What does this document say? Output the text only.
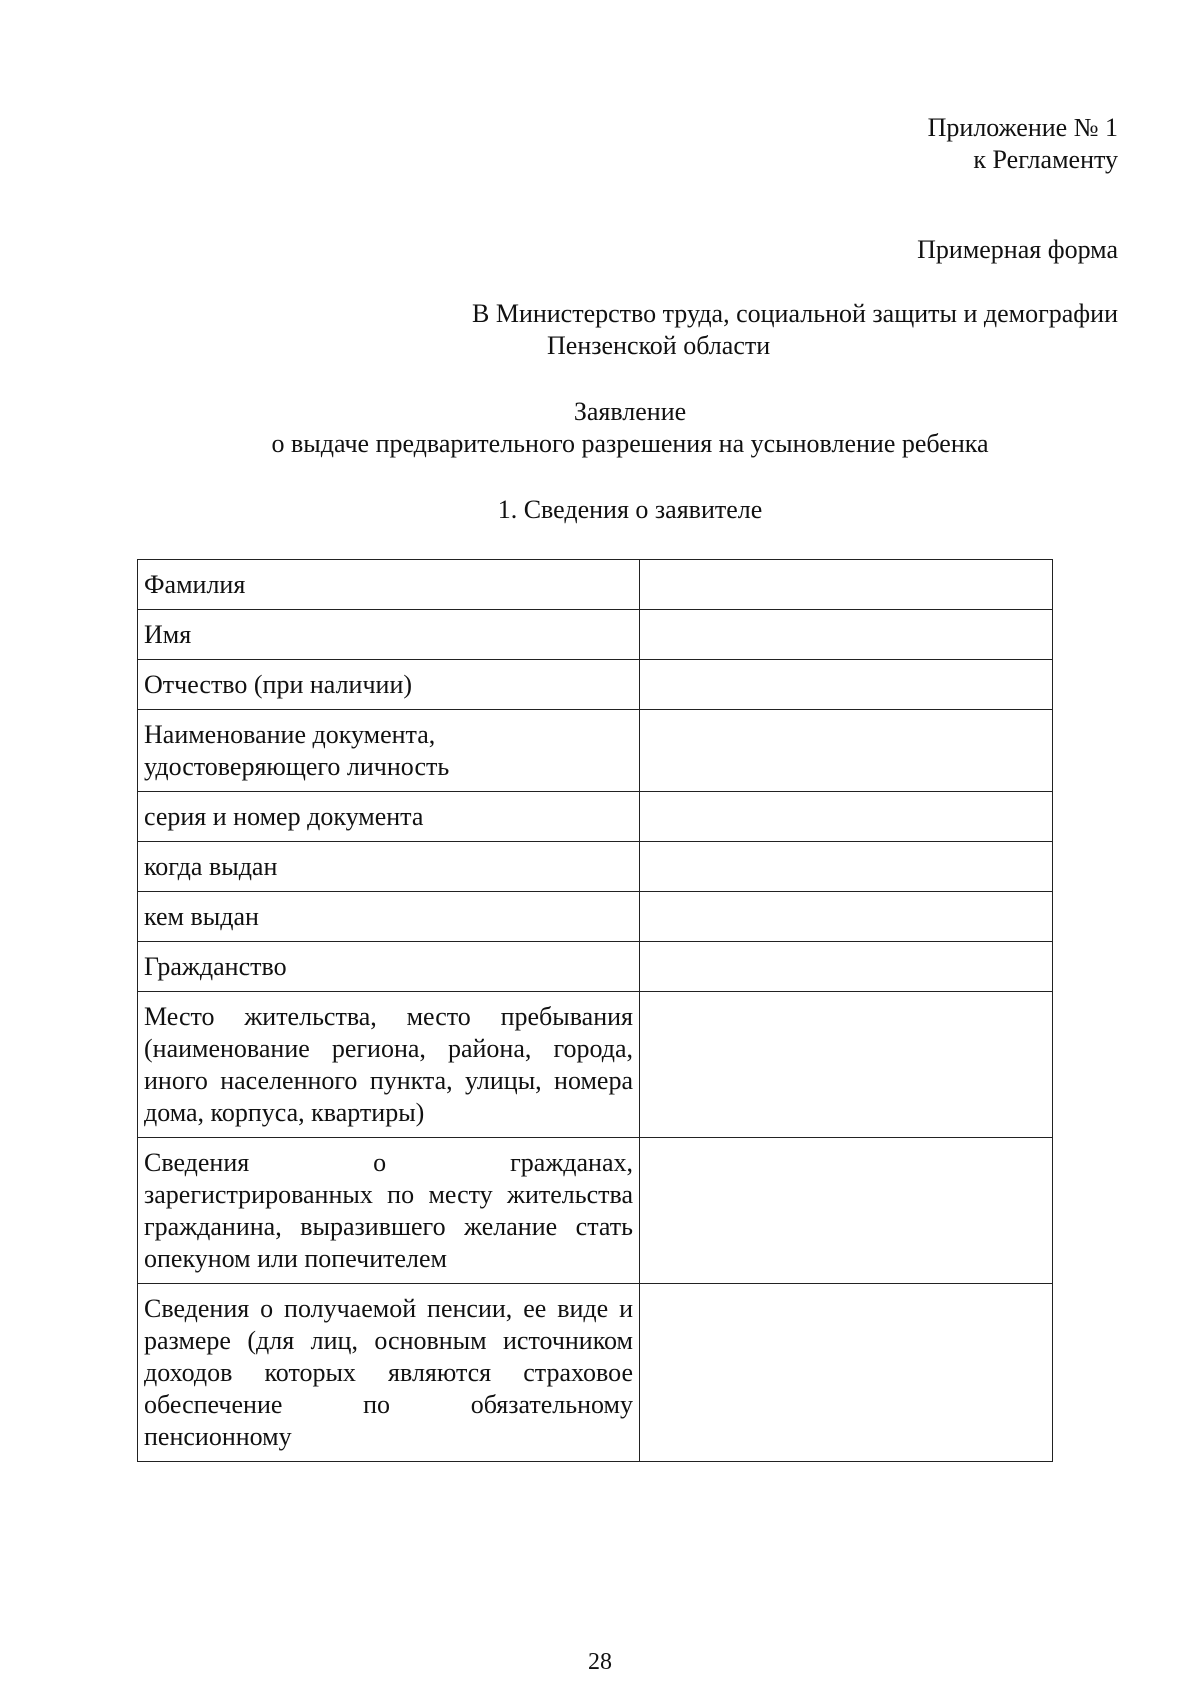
Приложение № 1
к Регламенту
Примерная форма
В Министерство труда, социальной защиты и демографии
Пензенской области
Заявление
о выдаче предварительного разрешения на усыновление ребенка
1. Сведения о заявителе
Фамилия	
Имя	
Отчество (при наличии)	
Наименование документа, удостоверяющего личность	
серия и номер документа	
когда выдан	
кем выдан	
Гражданство	
Место жительства, место пребывания (наименование региона, района, города, иного населенного пункта, улицы, номера дома, корпуса, квартиры)	
Сведения о гражданах, зарегистрированных по месту жительства гражданина, выразившего желание стать опекуном или попечителем	
Сведения о получаемой пенсии, ее виде и размере (для лиц, основным источником доходов которых являются страховое обеспечение по обязательному пенсионному	
28
